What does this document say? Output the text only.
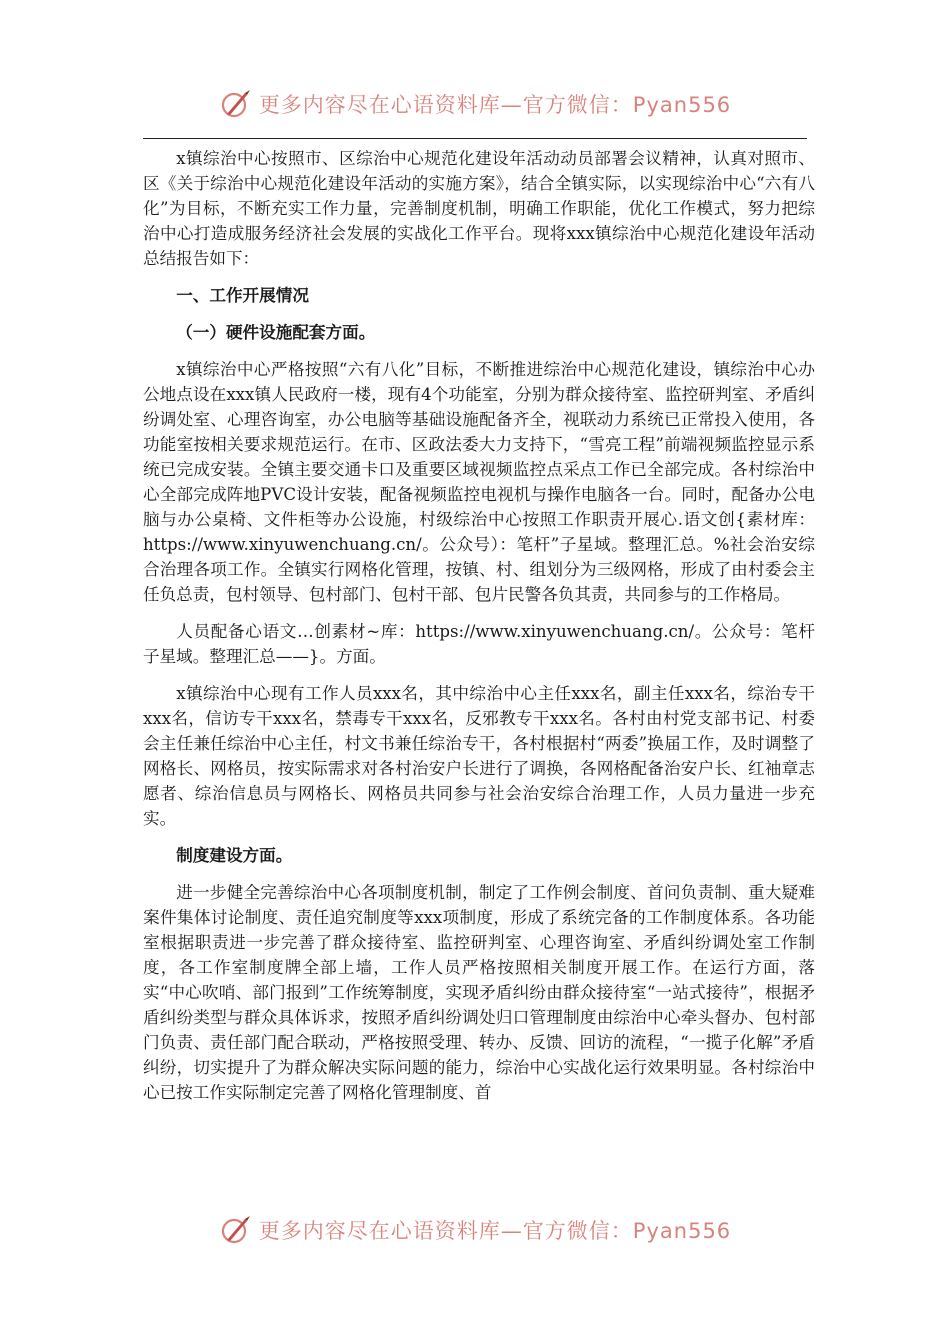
更多内容尽在心语资料库—官方微信：Pyan556

x镇综治中心按照市、区综治中心规范化建设年活动动员部署会议精神，认真对照市、区《关于综治中心规范化建设年活动的实施方案》，结合全镇实际，以实现综治中心“六有八化”为目标，不断充实工作力量，完善制度机制，明确工作职能，优化工作模式，努力把综治中心打造成服务经济社会发展的实战化工作平台。现将xxx镇综治中心规范化建设年活动总结报告如下：

一、工作开展情况
（一）硬件设施配套方面。

x镇综治中心严格按照“六有八化”目标，不断推进综治中心规范化建设，镇综治中心办公地点设在xxx镇人民政府一楼，现有4个功能室，分别为群众接待室、监控研判室、矛盾纠纷调处室、心理咨询室，办公电脑等基础设施配备齐全，视联动力系统已正常投入使用，各功能室按相关要求规范运行。在市、区政法委大力支持下，“雪亮工程”前端视频监控显示系统已完成安装。全镇主要交通卡口及重要区域视频监控点采点工作已全部完成。各村综治中心全部完成阵地PVC设计安装，配备视频监控电视机与操作电脑各一台。同时，配备办公电脑与办公桌椅、文件柜等办公设施，村级综治中心按照工作职责开展心.语文创{素材库：https://www.xinyuwenchuang.cn/。公众号）：笔杆”子星域。整理汇总。%社会治安综合治理各项工作。全镇实行网格化管理，按镇、村、组划分为三级网格，形成了由村委会主任负总责，包村领导、包村部门、包村干部、包片民警各负其责，共同参与的工作格局。

人员配备心语文…创素材~库：https://www.xinyuwenchuang.cn/。公众号：笔杆子星域。整理汇总——}。方面。

x镇综治中心现有工作人员xxx名，其中综治中心主任xxx名，副主任xxx名，综治专干xxx名，信访专干xxx名，禁毒专干xxx名，反邪教专干xxx名。各村由村党支部书记、村委会主任兼任综治中心主任，村文书兼任综治专干，各村根据村“两委”换届工作，及时调整了网格长、网格员，按实际需求对各村治安户长进行了调换，各网格配备治安户长、红袖章志愿者、综治信息员与网格长、网格员共同参与社会治安综合治理工作，人员力量进一步充实。

制度建设方面。

进一步健全完善综治中心各项制度机制，制定了工作例会制度、首问负责制、重大疑难案件集体讨论制度、责任追究制度等xxx项制度，形成了系统完备的工作制度体系。各功能室根据职责进一步完善了群众接待室、监控研判室、心理咨询室、矛盾纠纷调处室工作制度，各工作室制度牌全部上墙，工作人员严格按照相关制度开展工作。在运行方面，落实“中心吹哨、部门报到”工作统筹制度，实现矛盾纠纷由群众接待室“一站式接待”，根据矛盾纠纷类型与群众具体诉求，按照矛盾纠纷调处归口管理制度由综治中心牵头督办、包村部门负责、责任部门配合联动，严格按照受理、转办、反馈、回访的流程，“一揽子化解”矛盾纠纷，切实提升了为群众解决实际问题的能力，综治中心实战化运行效果明显。各村综治中心已按工作实际制定完善了网格化管理制度、首

更多内容尽在心语资料库—官方微信：Pyan556
